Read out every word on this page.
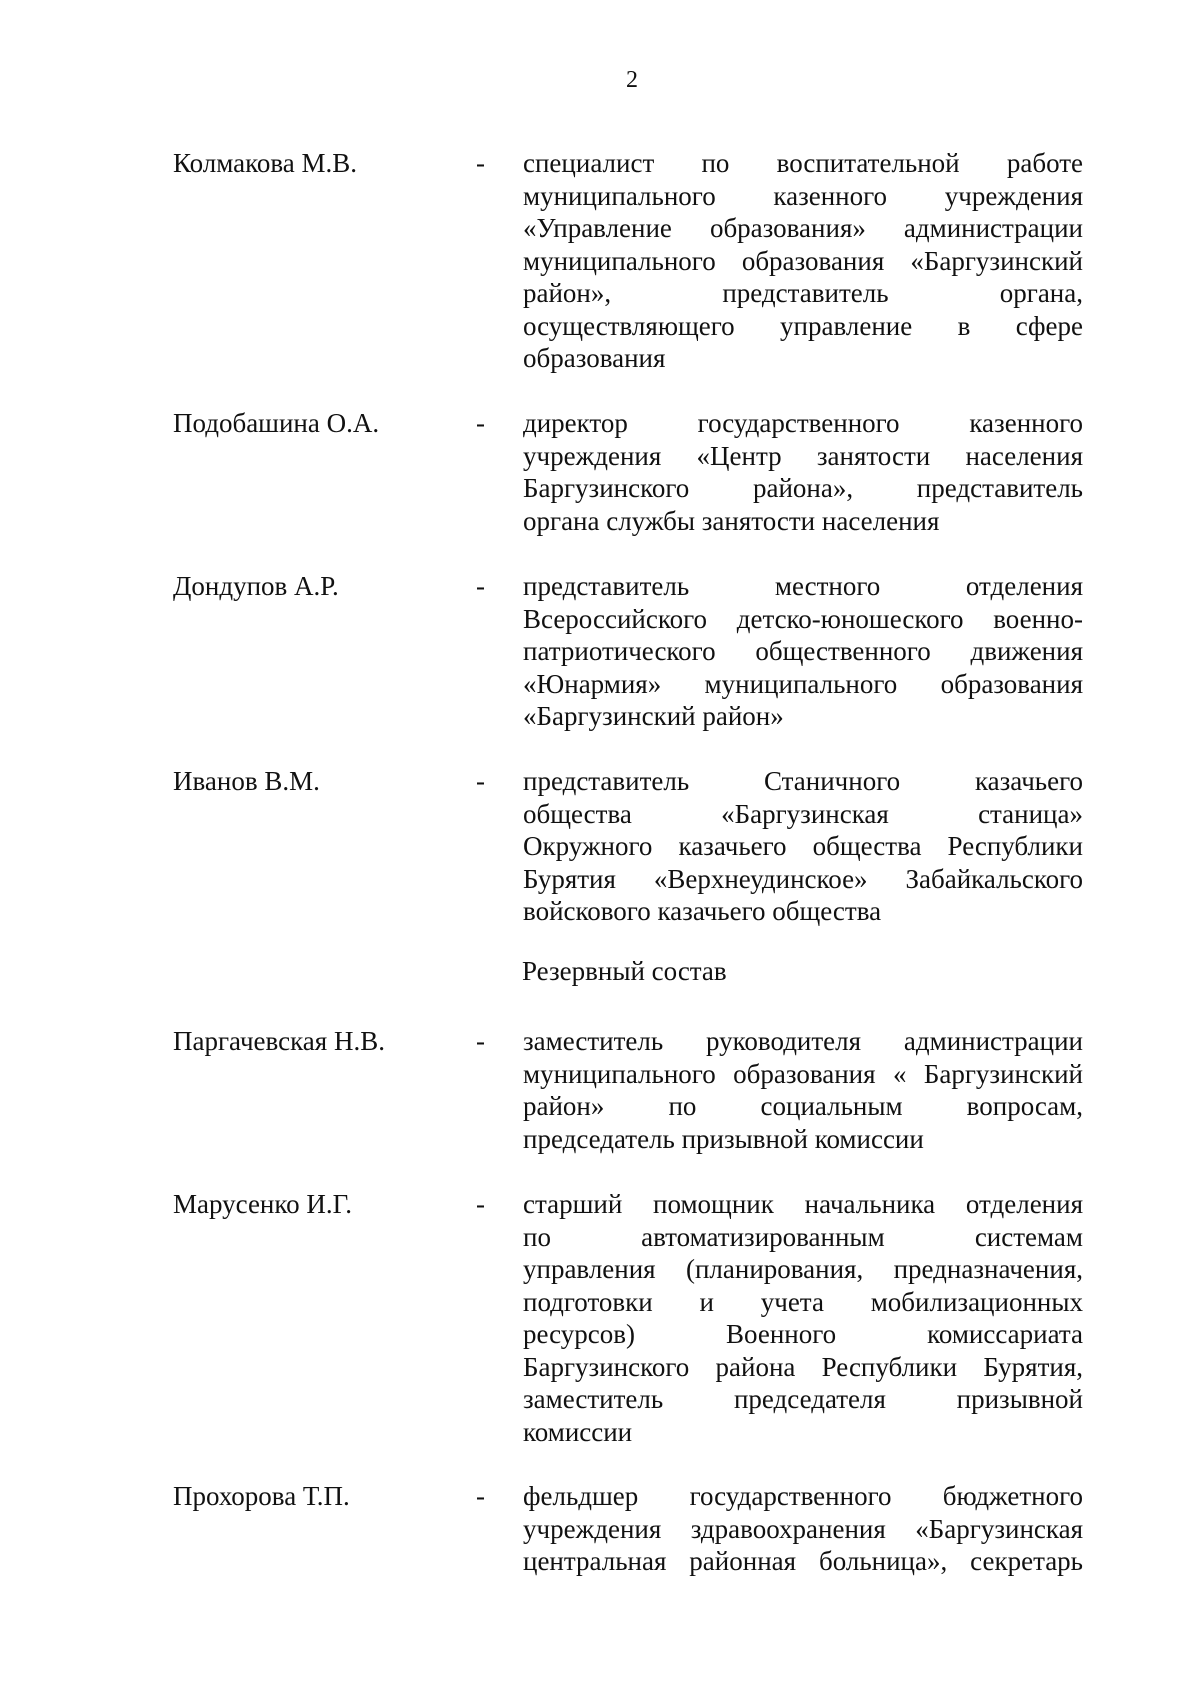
2
Колмакова М.В.	- специалист по воспитательной работе
муниципального казенного учреждения
«Управление образования» администрации
муниципального образования «Баргузинский
район», представитель органа,
осуществляющего управление в сфере
образования
Подобашина О.А.	- директор государственного казенного
учреждения «Центр занятости населения
Баргузинского района», представитель
органа службы занятости населения
Дондупов А.Р.	- представитель местного отделения
Всероссийского детско-юношеского военно-
патриотического общественного движения
«Юнармия» муниципального образования
«Баргузинский район»
Иванов В.М.	- представитель Станичного казачьего
общества «Баргузинская станица»
Окружного казачьего общества Республики
Бурятия «Верхнеудинское» Забайкальского
войскового казачьего общества
Резервный состав
Паргачевская Н.В.	- заместитель руководителя администрации
муниципального образования « Баргузинский
район» по социальным вопросам,
председатель призывной комиссии
Марусенко И.Г.	- старший помощник начальника отделения
по автоматизированным системам
управления (планирования, предназначения,
подготовки и учета мобилизационных
ресурсов) Военного комиссариата
Баргузинского района Республики Бурятия,
заместитель председателя призывной
комиссии
Прохорова Т.П.	- фельдшер государственного бюджетного
учреждения здравоохранения «Баргузинская
центральная районная больница», секретарь
